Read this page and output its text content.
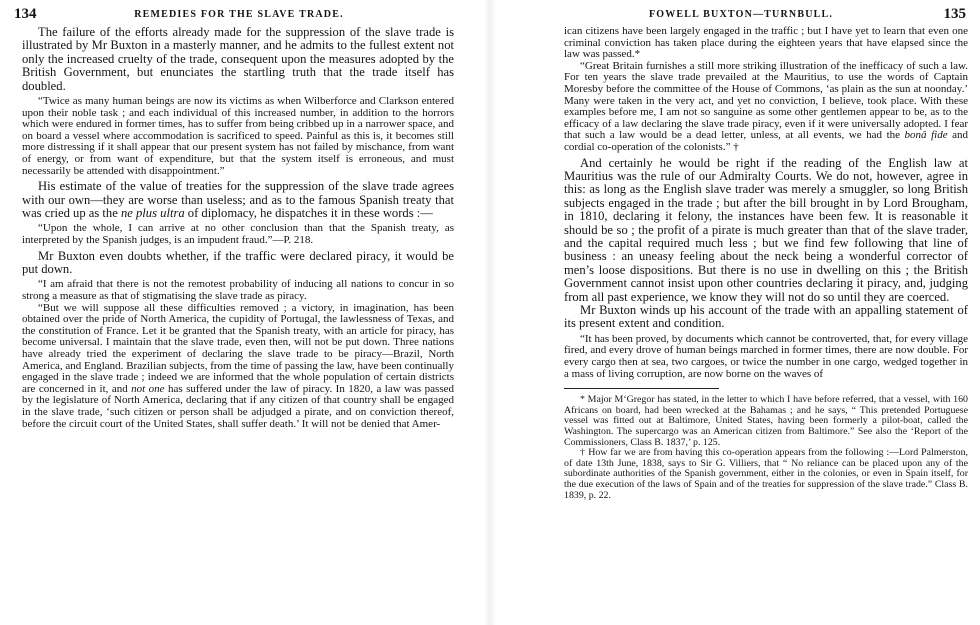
134	REMEDIES FOR THE SLAVE TRADE.

The failure of the efforts already made for the suppression of the slave trade is illustrated by Mr Buxton in a masterly manner, and he admits to the fullest extent not only the increased cruelty of the trade, consequent upon the measures adopted by the British Government, but enunciates the startling truth that the trade itself has doubled.

“Twice as many human beings are now its victims as when Wilberforce and Clarkson entered upon their noble task ; and each individual of this increased number, in addition to the horrors which were endured in former times, has to suffer from being cribbed up in a narrower space, and on board a vessel where accommodation is sacrificed to speed. Painful as this is, it becomes still more distressing if it shall appear that our present system has not failed by mischance, from want of energy, or from want of expenditure, but that the system itself is erroneous, and must necessarily be attended with disappointment.”

His estimate of the value of treaties for the suppression of the slave trade agrees with our own—they are worse than useless; and as to the famous Spanish treaty that was cried up as the ne plus ultra of diplomacy, he dispatches it in these words :—

“Upon the whole, I can arrive at no other conclusion than that the Spanish treaty, as interpreted by the Spanish judges, is an impudent fraud.”—P. 218.

Mr Buxton even doubts whether, if the traffic were declared piracy, it would be put down.

“I am afraid that there is not the remotest probability of inducing all nations to concur in so strong a measure as that of stigmatising the slave trade as piracy.

“But we will suppose all these difficulties removed ; a victory, in imagination, has been obtained over the pride of North America, the cupidity of Portugal, the lawlessness of Texas, and the constitution of France. Let it be granted that the Spanish treaty, with an article for piracy, has become universal. I maintain that the slave trade, even then, will not be put down. Three nations have already tried the experiment of declaring the slave trade to be piracy—Brazil, North America, and England. Brazilian subjects, from the time of passing the law, have been continually engaged in the slave trade ; indeed we are informed that the whole population of certain districts are concerned in it, and not one has suffered under the law of piracy. In 1820, a law was passed by the legislature of North America, declaring that if any citizen of that country shall be engaged in the slave trade, ‘such citizen or person shall be adjudged a pirate, and on conviction thereof, before the circuit court of the United States, shall suffer death.’ It will not be denied that Amer-

FOWELL BUXTON—TURNBULL.	135

ican citizens have been largely engaged in the traffic ; but I have yet to learn that even one criminal conviction has taken place during the eighteen years that have elapsed since the law was passed.*

“Great Britain furnishes a still more striking illustration of the inefficacy of such a law. For ten years the slave trade prevailed at the Mauritius, to use the words of Captain Moresby before the committee of the House of Commons, ‘as plain as the sun at noonday.’ Many were taken in the very act, and yet no conviction, I believe, took place. With these examples before me, I am not so sanguine as some other gentlemen appear to be, as to the efficacy of a law declaring the slave trade piracy, even if it were universally adopted. I fear that such a law would be a dead letter, unless, at all events, we had the bonâ fide and cordial co-operation of the colonists.” †

And certainly he would be right if the reading of the English law at Mauritius was the rule of our Admiralty Courts. We do not, however, agree in this: as long as the English slave trader was merely a smuggler, so long British subjects engaged in the trade ; but after the bill brought in by Lord Brougham, in 1810, declaring it felony, the instances have been few. It is reasonable it should be so ; the profit of a pirate is much greater than that of the slave trader, and the capital required much less ; but we find few following that line of business : an uneasy feeling about the neck being a wonderful corrector of men’s loose dispositions. But there is no use in dwelling on this ; the British Government cannot insist upon other countries declaring it piracy, and, judging from all past experience, we know they will not do so until they are coerced.

Mr Buxton winds up his account of the trade with an appalling statement of its present extent and condition.

“It has been proved, by documents which cannot be controverted, that, for every village fired, and every drove of human beings marched in former times, there are now double. For every cargo then at sea, two cargoes, or twice the number in one cargo, wedged together in a mass of living corruption, are now borne on the waves of

* Major M‘Gregor has stated, in the letter to which I have before referred, that a vessel, with 160 Africans on board, had been wrecked at the Bahamas ; and he says, “ This pretended Portuguese vessel was fitted out at Baltimore, United States, having been formerly a pilot-boat, called the Washington. The supercargo was an American citizen from Baltimore.” See also the ‘Report of the Commissioners, Class B. 1837,’ p. 125.

† How far we are from having this co-operation appears from the following :—Lord Palmerston, of date 13th June, 1838, says to Sir G. Villiers, that “ No reliance can be placed upon any of the subordinate authorities of the Spanish government, either in the colonies, or even in Spain itself, for the due execution of the laws of Spain and of the treaties for suppression of the slave trade.” Class B. 1839, p. 22.
